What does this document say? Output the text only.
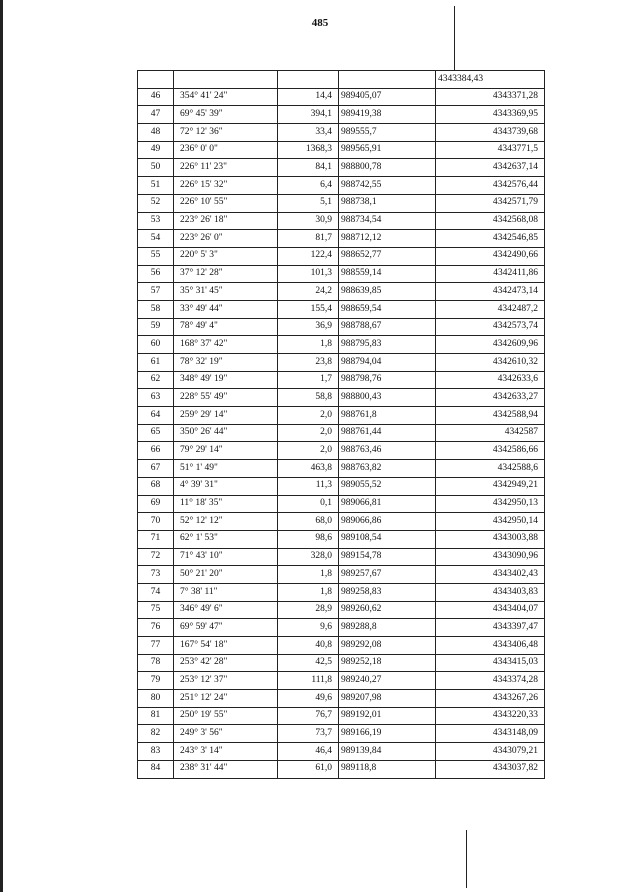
485
				4343384,43
46	354° 41' 24"	14,4	989405,07	4343371,28
47	69° 45' 39"	394,1	989419,38	4343369,95
48	72° 12' 36"	33,4	989555,7	4343739,68
49	236° 0' 0"	1368,3	989565,91	4343771,5
50	226° 11' 23"	84,1	988800,78	4342637,14
51	226° 15' 32"	6,4	988742,55	4342576,44
52	226° 10' 55"	5,1	988738,1	4342571,79
53	223° 26' 18"	30,9	988734,54	4342568,08
54	223° 26' 0"	81,7	988712,12	4342546,85
55	220° 5' 3"	122,4	988652,77	4342490,66
56	37° 12' 28"	101,3	988559,14	4342411,86
57	35° 31' 45"	24,2	988639,85	4342473,14
58	33° 49' 44"	155,4	988659,54	4342487,2
59	78° 49' 4"	36,9	988788,67	4342573,74
60	168° 37' 42"	1,8	988795,83	4342609,96
61	78° 32' 19"	23,8	988794,04	4342610,32
62	348° 49' 19"	1,7	988798,76	4342633,6
63	228° 55' 49"	58,8	988800,43	4342633,27
64	259° 29' 14"	2,0	988761,8	4342588,94
65	350° 26' 44"	2,0	988761,44	4342587
66	79° 29' 14"	2,0	988763,46	4342586,66
67	51° 1' 49"	463,8	988763,82	4342588,6
68	4° 39' 31"	11,3	989055,52	4342949,21
69	11° 18' 35"	0,1	989066,81	4342950,13
70	52° 12' 12"	68,0	989066,86	4342950,14
71	62° 1' 53"	98,6	989108,54	4343003,88
72	71° 43' 10"	328,0	989154,78	4343090,96
73	50° 21' 20"	1,8	989257,67	4343402,43
74	7° 38' 11"	1,8	989258,83	4343403,83
75	346° 49' 6"	28,9	989260,62	4343404,07
76	69° 59' 47"	9,6	989288,8	4343397,47
77	167° 54' 18"	40,8	989292,08	4343406,48
78	253° 42' 28"	42,5	989252,18	4343415,03
79	253° 12' 37"	111,8	989240,27	4343374,28
80	251° 12' 24"	49,6	989207,98	4343267,26
81	250° 19' 55"	76,7	989192,01	4343220,33
82	249° 3' 56"	73,7	989166,19	4343148,09
83	243° 3' 14"	46,4	989139,84	4343079,21
84	238° 31' 44"	61,0	989118,8	4343037,82
